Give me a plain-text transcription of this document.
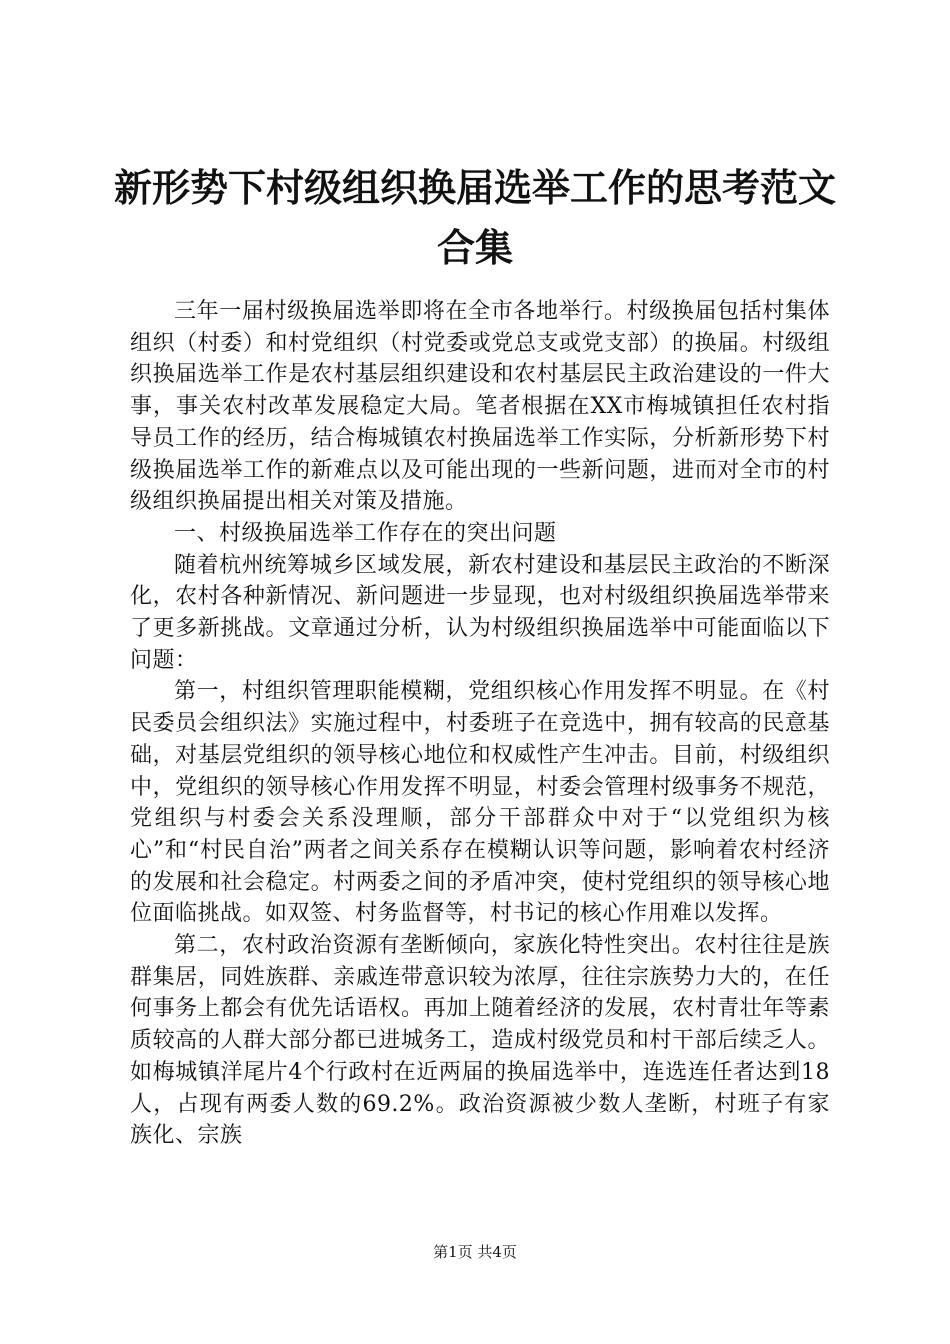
新形势下村级组织换届选举工作的思考范文合集

三年一届村级换届选举即将在全市各地举行。村级换届包括村集体组织（村委）和村党组织（村党委或党总支或党支部）的换届。村级组织换届选举工作是农村基层组织建设和农村基层民主政治建设的一件大事，事关农村改革发展稳定大局。笔者根据在XX市梅城镇担任农村指导员工作的经历，结合梅城镇农村换届选举工作实际，分析新形势下村级换届选举工作的新难点以及可能出现的一些新问题，进而对全市的村级组织换届提出相关对策及措施。

一、村级换届选举工作存在的突出问题

随着杭州统筹城乡区域发展，新农村建设和基层民主政治的不断深化，农村各种新情况、新问题进一步显现，也对村级组织换届选举带来了更多新挑战。文章通过分析，认为村级组织换届选举中可能面临以下问题：

第一，村组织管理职能模糊，党组织核心作用发挥不明显。在《村民委员会组织法》实施过程中，村委班子在竞选中，拥有较高的民意基础，对基层党组织的领导核心地位和权威性产生冲击。目前，村级组织中，党组织的领导核心作用发挥不明显，村委会管理村级事务不规范，党组织与村委会关系没理顺，部分干部群众中对于“以党组织为核心”和“村民自治”两者之间关系存在模糊认识等问题，影响着农村经济的发展和社会稳定。村两委之间的矛盾冲突，使村党组织的领导核心地位面临挑战。如双签、村务监督等，村书记的核心作用难以发挥。

第二，农村政治资源有垄断倾向，家族化特性突出。农村往往是族群集居，同姓族群、亲戚连带意识较为浓厚，往往宗族势力大的，在任何事务上都会有优先话语权。再加上随着经济的发展，农村青壮年等素质较高的人群大部分都已进城务工，造成村级党员和村干部后续乏人。如梅城镇洋尾片4个行政村在近两届的换届选举中，连选连任者达到18人，占现有两委人数的69.2%。政治资源被少数人垄断，村班子有家族化、宗族

第1页 共4页
